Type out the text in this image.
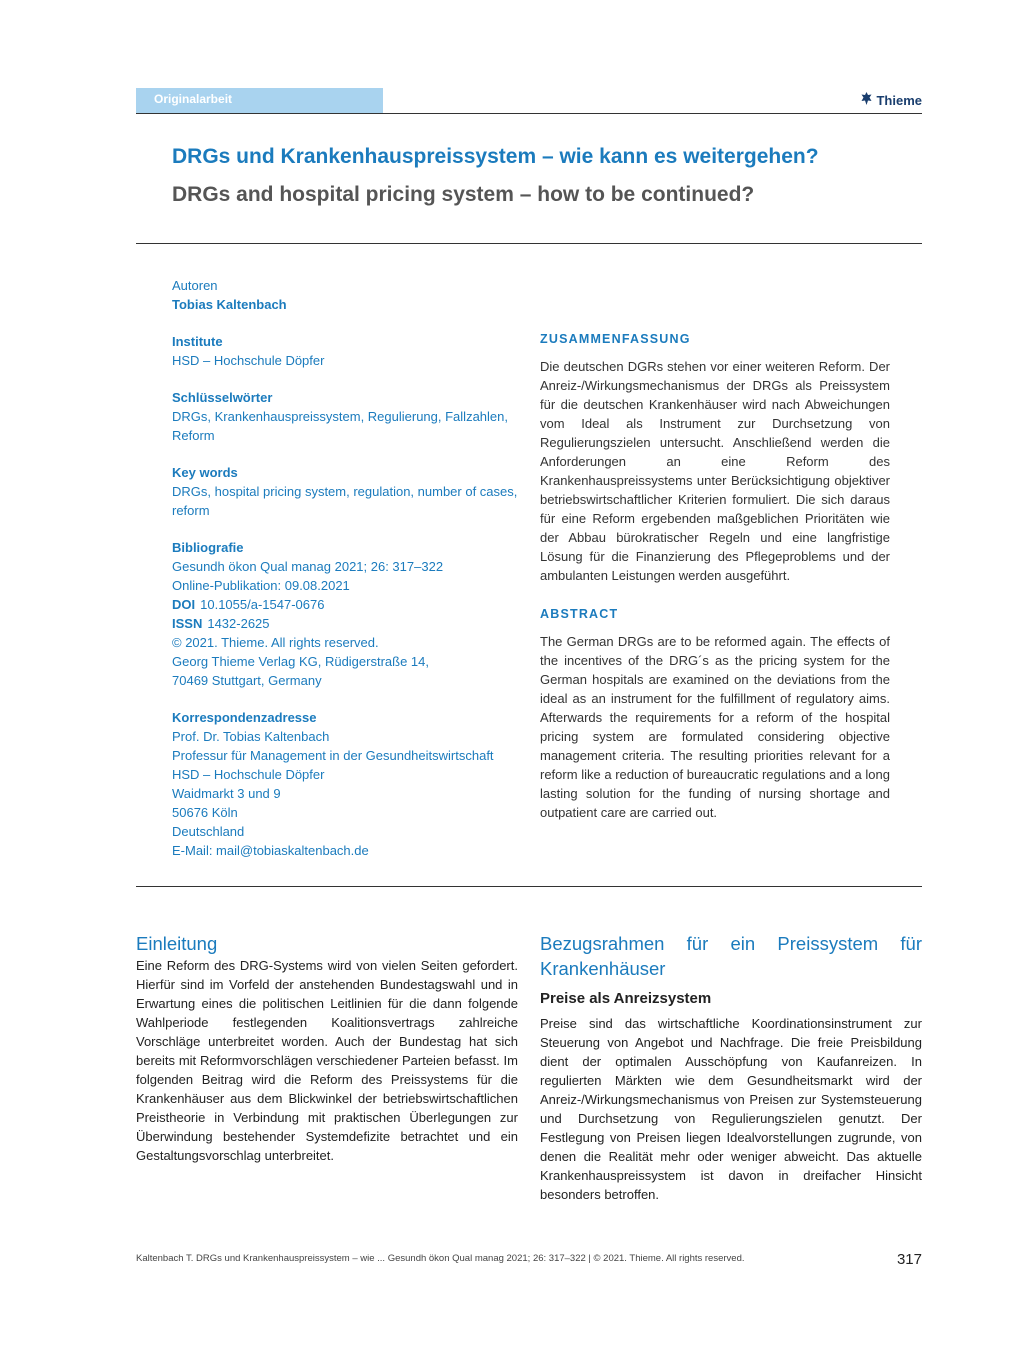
Originalarbeit	Thieme
DRGs und Krankenhauspreissystem – wie kann es weitergehen?
DRGs and hospital pricing system – how to be continued?
Autoren
Tobias Kaltenbach
Institute
HSD – Hochschule Döpfer
Schlüsselwörter
DRGs, Krankenhauspreissystem, Regulierung, Fallzahlen, Reform
Key words
DRGs, hospital pricing system, regulation, number of cases, reform
Bibliografie
Gesundh ökon Qual manag 2021; 26: 317–322
Online-Publikation: 09.08.2021
DOI 10.1055/a-1547-0676
ISSN 1432-2625
© 2021. Thieme. All rights reserved.
Georg Thieme Verlag KG, Rüdigerstraße 14,
70469 Stuttgart, Germany
Korrespondenzadresse
Prof. Dr. Tobias Kaltenbach
Professur für Management in der Gesundheitswirtschaft
HSD – Hochschule Döpfer
Waidmarkt 3 und 9
50676 Köln
Deutschland
E-Mail: mail@tobiaskaltenbach.de
ZUSAMMENFASSUNG

Die deutschen DGRs stehen vor einer weiteren Reform. Der Anreiz-/Wirkungsmechanismus der DRGs als Preissystem für die deutschen Krankenhäuser wird nach Abweichungen vom Ideal als Instrument zur Durchsetzung von Regulierungszielen untersucht. Anschließend werden die Anforderungen an eine Reform des Krankenhauspreissystems unter Berücksichtigung objektiver betriebswirtschaftlicher Kriterien formuliert. Die sich daraus für eine Reform ergebenden maßgeblichen Prioritäten wie der Abbau bürokratischer Regeln und eine langfristige Lösung für die Finanzierung des Pflegeproblems und der ambulanten Leistungen werden ausgeführt.

ABSTRACT

The German DRGs are to be reformed again. The effects of the incentives of the DRG´s as the pricing system for the German hospitals are examined on the deviations from the ideal as an instrument for the fulfillment of regulatory aims. Afterwards the requirements for a reform of the hospital pricing system are formulated considering objective management criteria. The resulting priorities relevant for a reform like a reduction of bureaucratic regulations and a long lasting solution for the funding of nursing shortage and outpatient care are carried out.

Einleitung
Eine Reform des DRG-Systems wird von vielen Seiten gefordert. Hierfür sind im Vorfeld der anstehenden Bundestagswahl und in Erwartung eines die politischen Leitlinien für die dann folgende Wahlperiode festlegenden Koalitionsvertrags zahlreiche Vorschläge unterbreitet worden. Auch der Bundestag hat sich bereits mit Reformvorschlägen verschiedener Parteien befasst. Im folgenden Beitrag wird die Reform des Preissystems für die Krankenhäuser aus dem Blickwinkel der betriebswirtschaftlichen Preistheorie in Verbindung mit praktischen Überlegungen zur Überwindung bestehender Systemdefizite betrachtet und ein Gestaltungsvorschlag unterbreitet.
Bezugsrahmen für ein Preissystem für Krankenhäuser
Preise als Anreizsystem
Preise sind das wirtschaftliche Koordinationsinstrument zur Steuerung von Angebot und Nachfrage. Die freie Preisbildung dient der optimalen Ausschöpfung von Kaufanreizen. In regulierten Märkten wie dem Gesundheitsmarkt wird der Anreiz-/Wirkungsmechanismus von Preisen zur Systemsteuerung und Durchsetzung von Regulierungszielen genutzt. Der Festlegung von Preisen liegen Idealvorstellungen zugrunde, von denen die Realität mehr oder weniger abweicht. Das aktuelle Krankenhauspreissystem ist davon in dreifacher Hinsicht besonders betroffen.
Kaltenbach T. DRGs und Krankenhauspreissystem – wie ... Gesundh ökon Qual manag 2021; 26: 317–322 | © 2021. Thieme. All rights reserved.	317
